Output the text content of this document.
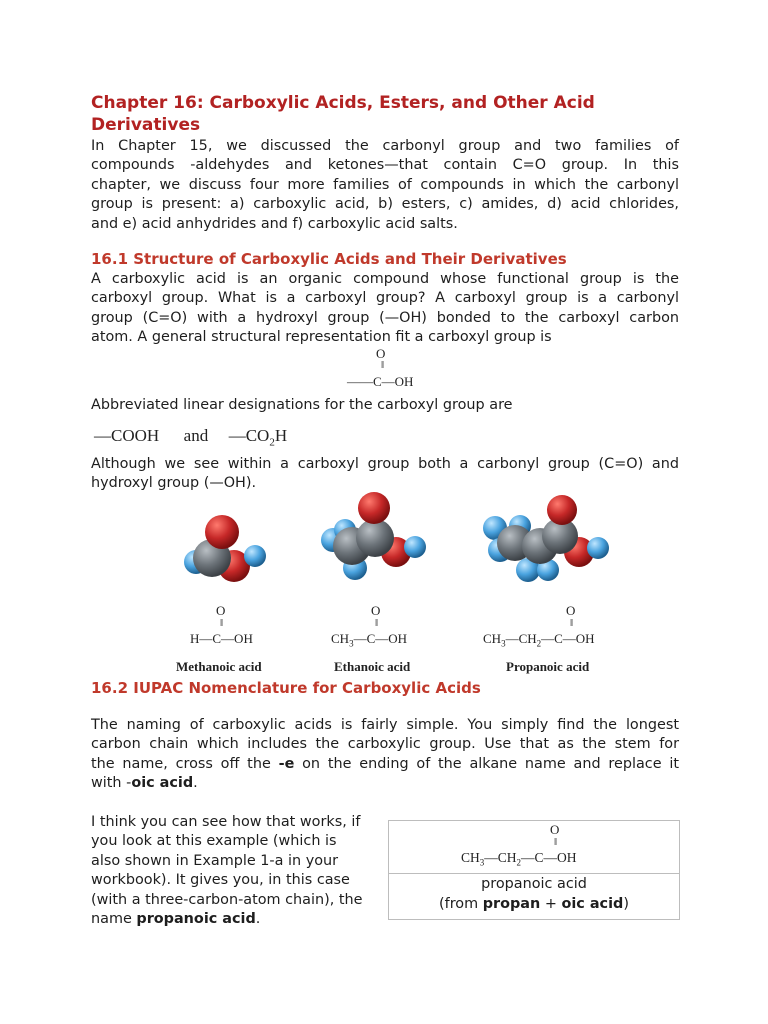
Chapter 16: Carboxylic Acids, Esters, and Other Acid
Derivatives
In Chapter 15, we discussed the carbonyl group and two families of
compounds -aldehydes and ketones—that contain C=O group. In this
chapter, we discuss four more families of compounds in which the carbonyl
group is present: a) carboxylic acid, b) esters, c) amides, d) acid chlorides,
and e) acid anhydrides and f) carboxylic acid salts.
16.1 Structure of Carboxylic Acids and Their Derivatives
A carboxylic acid is an organic compound whose functional group is the
carboxyl group. What is a carboxyl group? A carboxyl group is a carbonyl
group (C=O) with a hydroxyl group (—OH) bonded to the carboxyl carbon
atom. A general structural representation fit a carboxyl group is
O
‖
——C—OH
Abbreviated linear designations for the carboxyl group are
—COOH and $—CO_2H$
Although we see within a carboxyl group both a carbonyl group (C=O) and
hydroxyl group (—OH).
O
‖
H—C—OH
Methanoic acid
O
‖
$CH_3—C—OH$
Ethanoic acid
O
‖
$CH_3—CH_2—C—OH$
Propanoic acid
16.2 IUPAC Nomenclature for Carboxylic Acids
The naming of carboxylic acids is fairly simple. You simply find the longest
carbon chain which includes the carboxylic group. Use that as the stem for
the name, cross off the -e on the ending of the alkane name and replace it
with -oic acid.
I think you can see how that works, if
you look at this example (which is
also shown in Example 1-a in your
workbook). It gives you, in this case
(with a three-carbon-atom chain), the
name propanoic acid.
O
‖
$CH_3—CH_2—C—OH$
propanoic acid
(from propan + oic acid)
